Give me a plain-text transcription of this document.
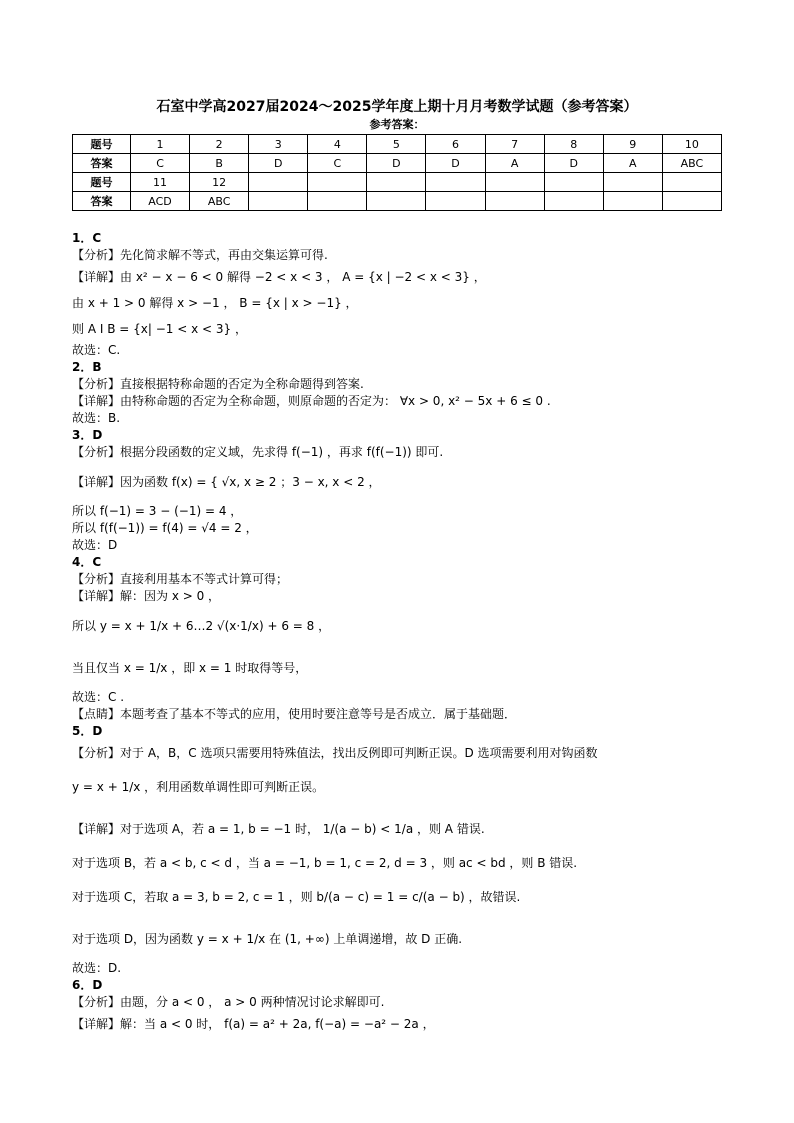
石室中学高2027届2024～2025学年度上期十月月考数学试题（参考答案）
参考答案：
题号	1	2	3	4	5	6	7	8	9	10
答案	C	B	D	C	D	D	A	D	A	ABC
题号	11	12								
答案	ACD	ABC								
1．C
【分析】先化简求解不等式，再由交集运算可得.
【详解】由 x² − x − 6 < 0 解得 −2 < x < 3 ， A = {x | −2 < x < 3} ，
由 x + 1 > 0 解得 x > −1 ， B = {x | x > −1} ，
则 A I B = {x| −1 < x < 3} ，
故选：C.
2．B
【分析】直接根据特称命题的否定为全称命题得到答案.
【详解】由特称命题的否定为全称命题，则原命题的否定为： ∀x > 0, x² − 5x + 6 ≤ 0 .
故选：B.
3．D
【分析】根据分段函数的定义域，先求得 f(−1) ，再求 f(f(−1)) 即可.
【详解】因为函数 f(x) = { √x, x ≥ 2 ；3 − x, x < 2 ，
所以 f(−1) = 3 − (−1) = 4 ，
所以 f(f(−1)) = f(4) = √4 = 2 ，
故选：D
4．C
【分析】直接利用基本不等式计算可得；
【详解】解：因为 x > 0 ，
所以 y = x + 1/x + 6…2 √(x·1/x) + 6 = 8 ，
当且仅当 x = 1/x ，即 x = 1 时取得等号，
故选：C .
【点睛】本题考查了基本不等式的应用，使用时要注意等号是否成立．属于基础题．
5．D
【分析】对于 A，B，C 选项只需要用特殊值法，找出反例即可判断正误。D 选项需要利用对钩函数
y = x + 1/x ，利用函数单调性即可判断正误。
【详解】对于选项 A，若 a = 1, b = −1 时， 1/(a − b) < 1/a ，则 A 错误.
对于选项 B，若 a < b, c < d ，当 a = −1, b = 1, c = 2, d = 3 ，则 ac < bd ，则 B 错误.
对于选项 C，若取 a = 3, b = 2, c = 1 ，则 b/(a − c) = 1 = c/(a − b) ，故错误.
对于选项 D，因为函数 y = x + 1/x 在 (1, +∞) 上单调递增，故 D 正确.
故选：D.
6．D
【分析】由题，分 a < 0 ， a > 0 两种情况讨论求解即可.
【详解】解：当 a < 0 时， f(a) = a² + 2a, f(−a) = −a² − 2a ，
